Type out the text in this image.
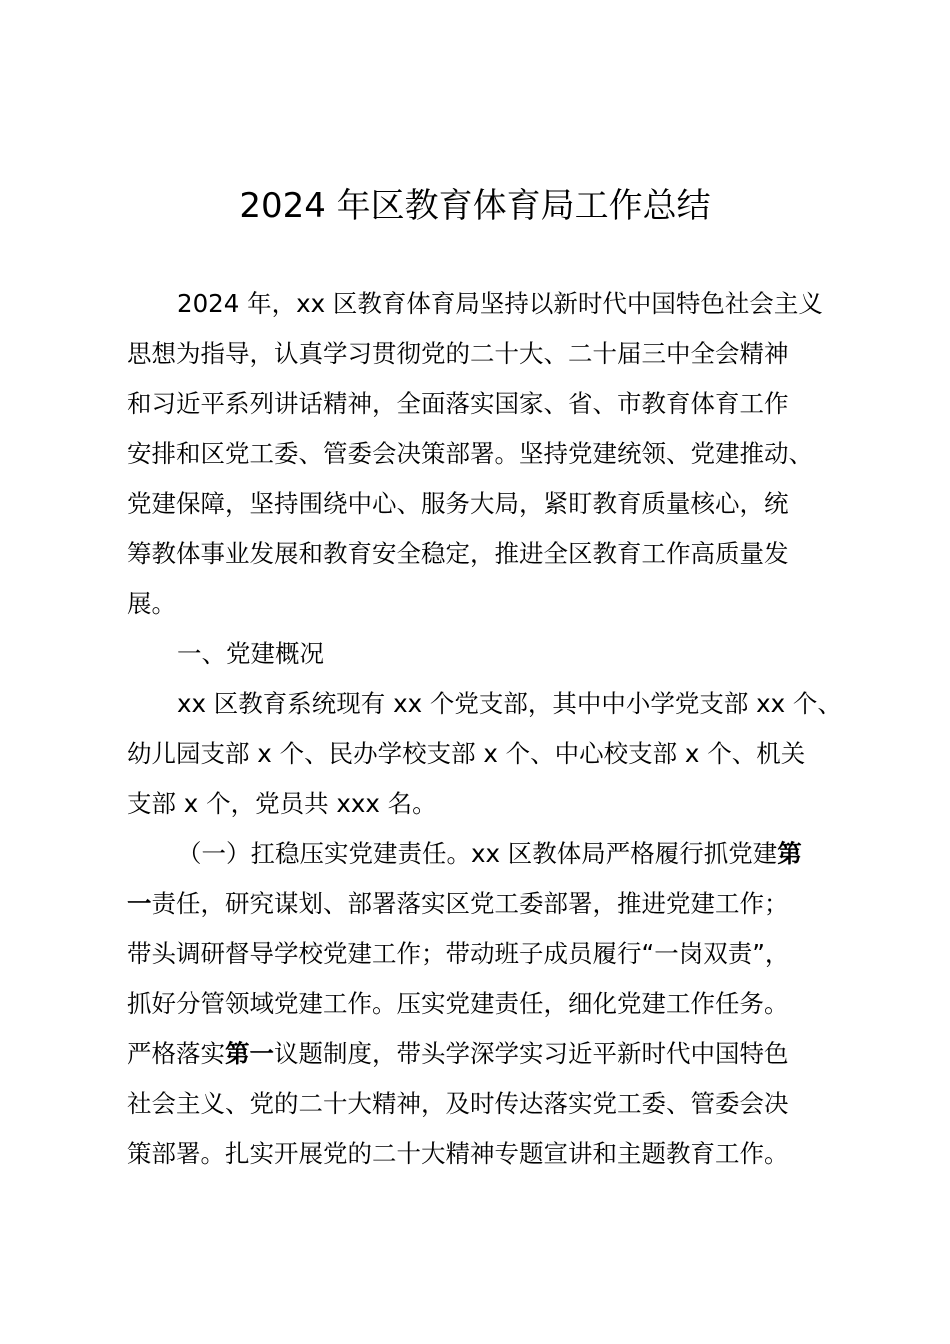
2024 年区教育体育局工作总结
2024 年，xx 区教育体育局坚持以新时代中国特色社会主义
思想为指导，认真学习贯彻党的二十大、二十届三中全会精神
和习近平系列讲话精神，全面落实国家、省、市教育体育工作
安排和区党工委、管委会决策部署。坚持党建统领、党建推动、
党建保障，坚持围绕中心、服务大局，紧盯教育质量核心，统
筹教体事业发展和教育安全稳定，推进全区教育工作高质量发
展。
一、党建概况
xx 区教育系统现有 xx 个党支部，其中中小学党支部 xx 个、
幼儿园支部 x 个、民办学校支部 x 个、中心校支部 x 个、机关
支部 x 个，党员共 xxx 名。
（一）扛稳压实党建责任。xx 区教体局严格履行抓党建第
一责任，研究谋划、部署落实区党工委部署，推进党建工作；
带头调研督导学校党建工作；带动班子成员履行“一岗双责”，
抓好分管领域党建工作。压实党建责任，细化党建工作任务。
严格落实第一议题制度，带头学深学实习近平新时代中国特色
社会主义、党的二十大精神，及时传达落实党工委、管委会决
策部署。扎实开展党的二十大精神专题宣讲和主题教育工作。
